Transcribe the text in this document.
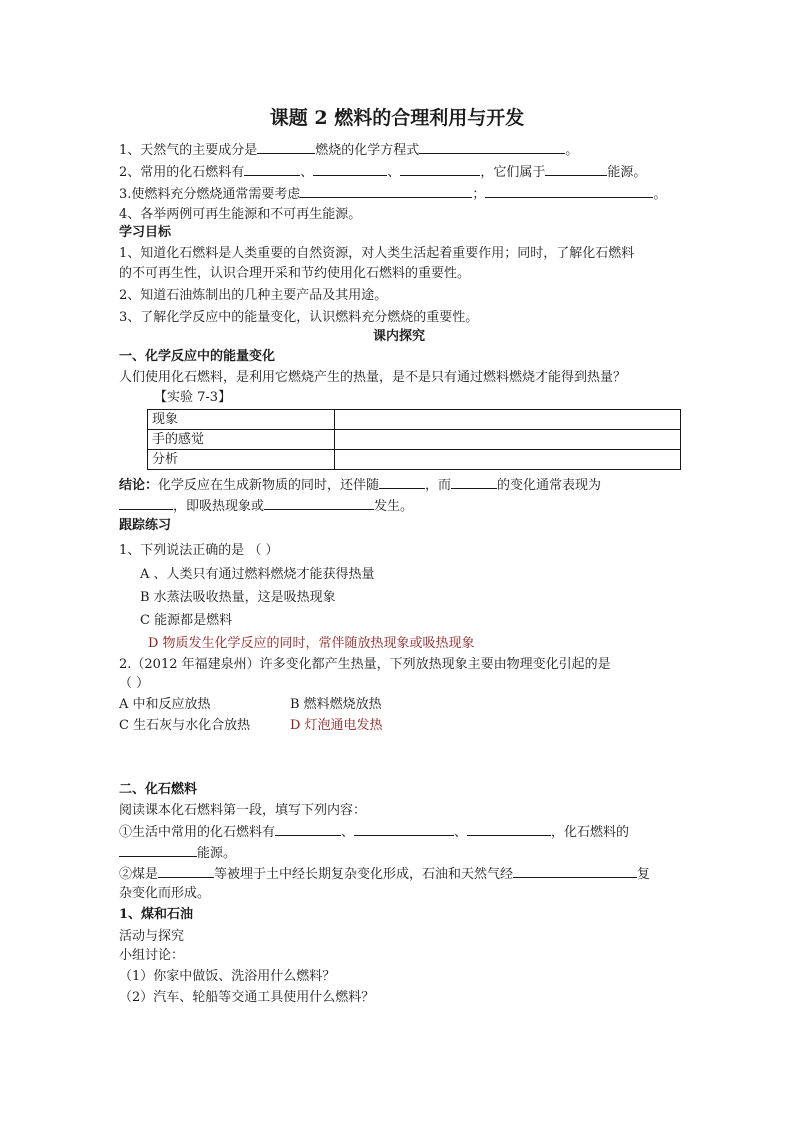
课题 2 燃料的合理利用与开发
1、天然气的主要成分是	燃烧的化学方程式	。
2、常用的化石燃料有	、	、	，它们属于	能源。
3.使燃料充分燃烧通常需要考虑	；	。
4、各举两例可再生能源和不可再生能源。
学习目标
1、知道化石燃料是人类重要的自然资源，对人类生活起着重要作用；同时，了解化石燃料
的不可再生性，认识合理开采和节约使用化石燃料的重要性。
2、知道石油炼制出的几种主要产品及其用途。
3、了解化学反应中的能量变化，认识燃料充分燃烧的重要性。
课内探究
一、化学反应中的能量变化
人们使用化石燃料，是利用它燃烧产生的热量，是不是只有通过燃料燃烧才能得到热量？
【实验 7-3】
现象	
手的感觉	
分析	
结论：化学反应在生成新物质的同时，还伴随	，而	的变化通常表现为
，即吸热现象或	发生。
跟踪练习
1、下列说法正确的是 （ ）
A 、人类只有通过燃料燃烧才能获得热量
B 水蒸法吸收热量，这是吸热现象
C 能源都是燃料
D 物质发生化学反应的同时，常伴随放热现象或吸热现象
2.（2012 年福建泉州）许多变化都产生热量，下列放热现象主要由物理变化引起的是
（ ）
A 中和反应放热	B 燃料燃烧放热
C 生石灰与水化合放热	D 灯泡通电发热
二、化石燃料
阅读课本化石燃料第一段，填写下列内容：
①生活中常用的化石燃料有	、	、	，化石燃料的
能源。
②煤是	等被埋于土中经长期复杂变化形成，石油和天然气经	复
杂变化而形成。
1、煤和石油
活动与探究
小组讨论：
（1）你家中做饭、洗浴用什么燃料？
（2）汽车、轮船等交通工具使用什么燃料？
